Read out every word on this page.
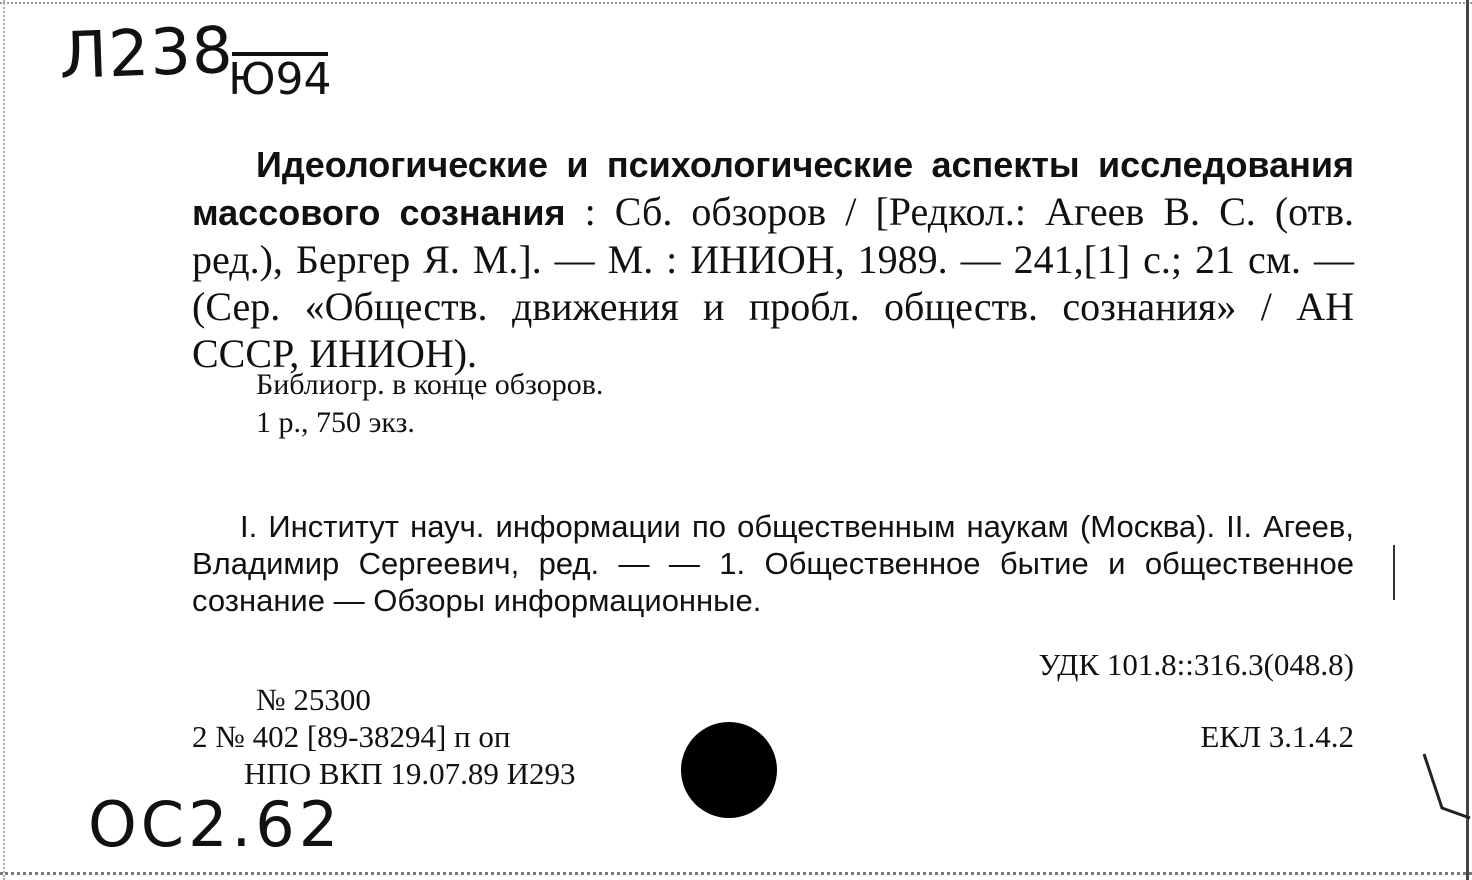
Л238
Ю94

Идеологические и психологические аспекты исследования массового сознания : Сб. обзоров / [Редкол.: Агеев В. С. (отв. ред.), Бергер Я. М.]. — М. : ИНИОН, 1989. — 241,[1] с.; 21 см. — (Сер. «Обществ. движения и пробл. обществ. сознания» / АН СССР, ИНИОН).

Библиогр. в конце обзоров.
1 р., 750 экз.

I. Институт науч. информации по общественным наукам (Москва). II. Агеев, Владимир Сергеевич, ред. — — 1. Общественное бытие и общественное сознание — Обзоры информационные.

УДК 101.8::316.3(048.8)
№ 25300
2 № 402 [89-38294] п оп
НПО ВКП 19.07.89 И293
ЕКЛ 3.1.4.2
ОС2.62
